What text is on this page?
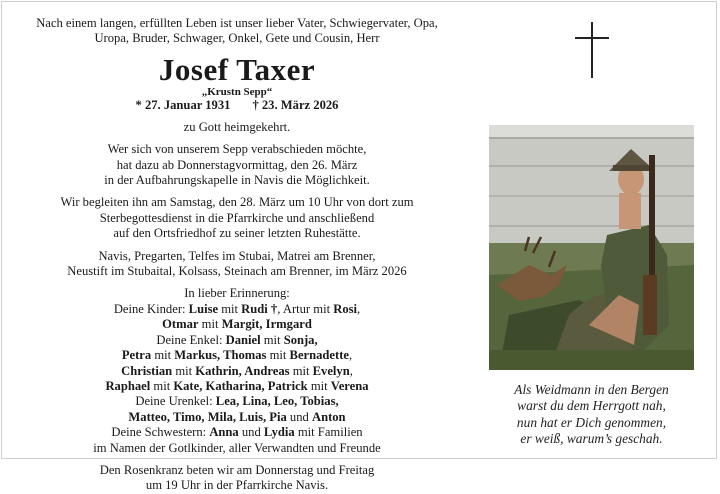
Nach einem langen, erfüllten Leben ist unser lieber Vater, Schwiegervater, Opa,

Uropa, Bruder, Schwager, Onkel, Gete und Cousin, Herr

Josef Taxer

„Krustn Sepp“

* 27. Januar 1931 † 23. März 2026

zu Gott heimgekehrt.

Wer sich von unserem Sepp verabschieden möchte,

hat dazu ab Donnerstagvormittag, den 26. März

in der Aufbahrungskapelle in Navis die Möglichkeit.

Wir begleiten ihn am Samstag, den 28. März um 10 Uhr von dort zum

Sterbegottesdienst in die Pfarrkirche und anschließend

auf den Ortsfriedhof zu seiner letzten Ruhestätte.

Navis, Pregarten, Telfes im Stubai, Matrei am Brenner,

Neustift im Stubaital, Kolsass, Steinach am Brenner, im März 2026

In lieber Erinnerung:

Deine Kinder: Luise mit Rudi †, Artur mit Rosi,

Otmar mit Margit, Irmgard

Deine Enkel: Daniel mit Sonja,

Petra mit Markus, Thomas mit Bernadette,

Christian mit Kathrin, Andreas mit Evelyn,

Raphael mit Kate, Katharina, Patrick mit Verena

Deine Urenkel: Lea, Lina, Leo, Tobias,

Matteo, Timo, Mila, Luis, Pia und Anton

Deine Schwestern: Anna und Lydia mit Familien

im Namen der Gotlkinder, aller Verwandten und Freunde

Den Rosenkranz beten wir am Donnerstag und Freitag

um 19 Uhr in der Pfarrkirche Navis.

Als Weidmann in den Bergen

warst du dem Herrgott nah,

nun hat er Dich genommen,

er weiß, warum’s geschah.
